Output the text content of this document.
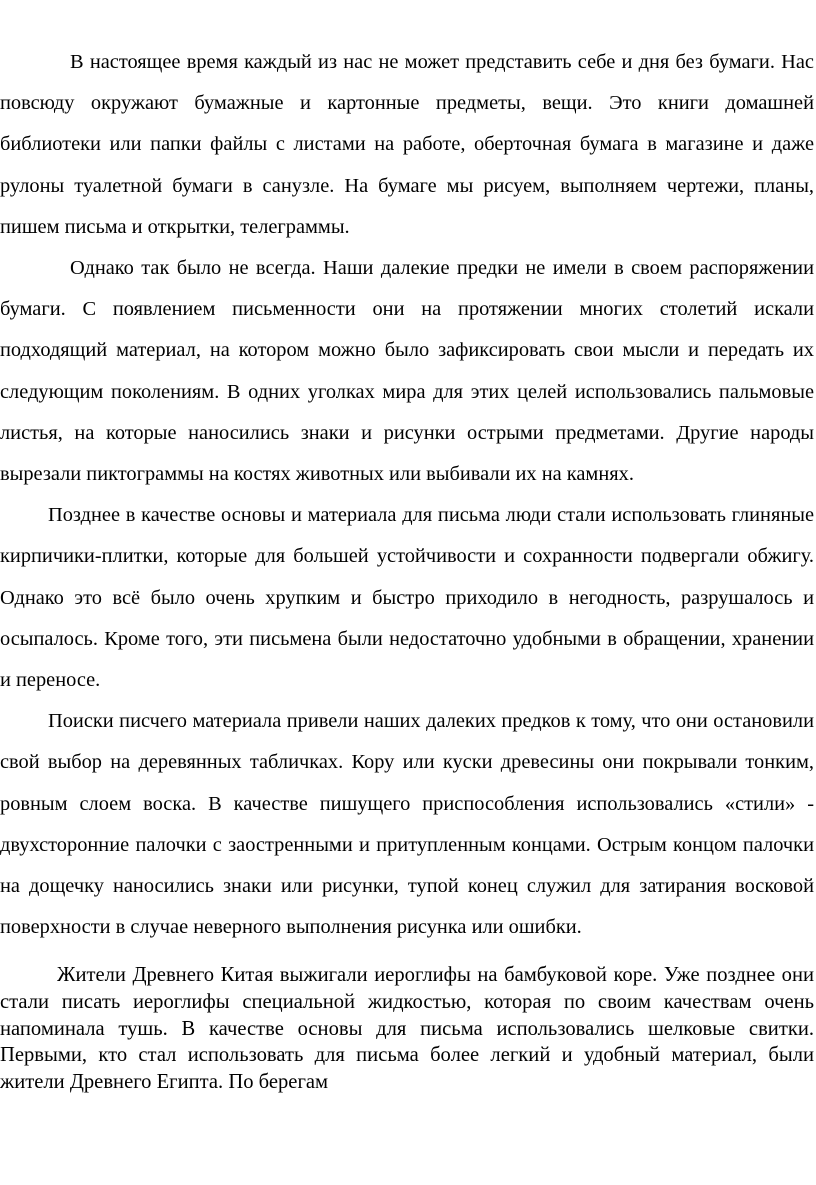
В настоящее время каждый из нас не может представить себе и дня без бумаги. Нас повсюду окружают бумажные и картонные предметы, вещи. Это книги домашней библиотеки или папки файлы с листами на работе, оберточная бумага в магазине и даже рулоны туалетной бумаги в санузле. На бумаге мы рисуем, выполняем чертежи, планы, пишем письма и открытки, телеграммы.

Однако так было не всегда. Наши далекие предки не имели в своем распоряжении бумаги. С появлением письменности они на протяжении многих столетий искали подходящий материал, на котором можно было зафиксировать свои мысли и передать их следующим поколениям. В одних уголках мира для этих целей использовались пальмовые листья, на которые наносились знаки и рисунки острыми предметами. Другие народы вырезали пиктограммы на костях животных или выбивали их на камнях.

Позднее в качестве основы и материала для письма люди стали использовать глиняные кирпичики-плитки, которые для большей устойчивости и сохранности подвергали обжигу. Однако это всё было очень хрупким и быстро приходило в негодность, разрушалось и осыпалось. Кроме того, эти письмена были недостаточно удобными в обращении, хранении и переносе.

Поиски писчего материала привели наших далеких предков к тому, что они остановили свой выбор на деревянных табличках. Кору или куски древесины они покрывали тонким, ровным слоем воска. В качестве пишущего приспособления использовались «стили» - двухсторонние палочки с заостренными и притупленным концами. Острым концом палочки на дощечку наносились знаки или рисунки, тупой конец служил для затирания восковой поверхности в случае неверного выполнения рисунка или ошибки.

Жители Древнего Китая выжигали иероглифы на бамбуковой коре. Уже позднее они стали писать иероглифы специальной жидкостью, которая по своим качествам очень напоминала тушь. В качестве основы для письма использовались шелковые свитки. Первыми, кто стал использовать для письма более легкий и удобный материал, были жители Древнего Египта. По берегам
